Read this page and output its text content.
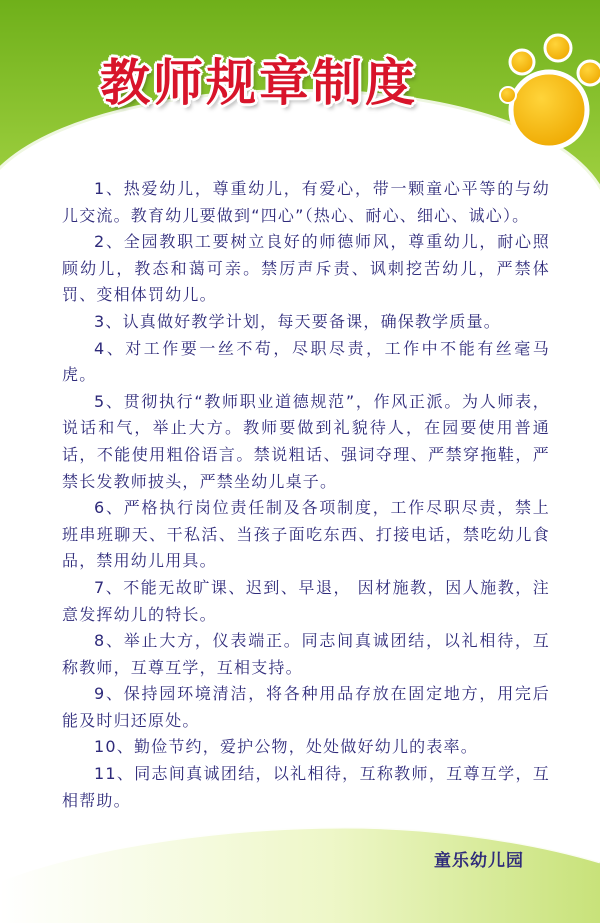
教师规章制度

1、热爱幼儿，尊重幼儿，有爱心，带一颗童心平等的与幼儿交流。教育幼儿要做到“四心”（热心、耐心、细心、诚心）。

2、全园教职工要树立良好的师德师风，尊重幼儿，耐心照顾幼儿，教态和蔼可亲。禁厉声斥责、讽刺挖苦幼儿，严禁体罚、变相体罚幼儿。

3、认真做好教学计划，每天要备课，确保教学质量。

4、对工作要一丝不苟，尽职尽责，工作中不能有丝毫马虎。

5、贯彻执行“教师职业道德规范”，作风正派。为人师表，说话和气，举止大方。教师要做到礼貌待人，在园要使用普通话，不能使用粗俗语言。禁说粗话、强词夺理、严禁穿拖鞋，严禁长发教师披头，严禁坐幼儿桌子。

6、严格执行岗位责任制及各项制度，工作尽职尽责，禁上班串班聊天、干私活、当孩子面吃东西、打接电话，禁吃幼儿食品，禁用幼儿用具。

7、不能无故旷课、迟到、早退， 因材施教，因人施教，注意发挥幼儿的特长。

8、举止大方，仪表端正。同志间真诚团结，以礼相待，互称教师，互尊互学，互相支持。

9、保持园环境清洁，将各种用品存放在固定地方，用完后能及时归还原处。

10、勤俭节约，爱护公物，处处做好幼儿的表率。

11、同志间真诚团结，以礼相待，互称教师，互尊互学，互相帮助。

童乐幼儿园
